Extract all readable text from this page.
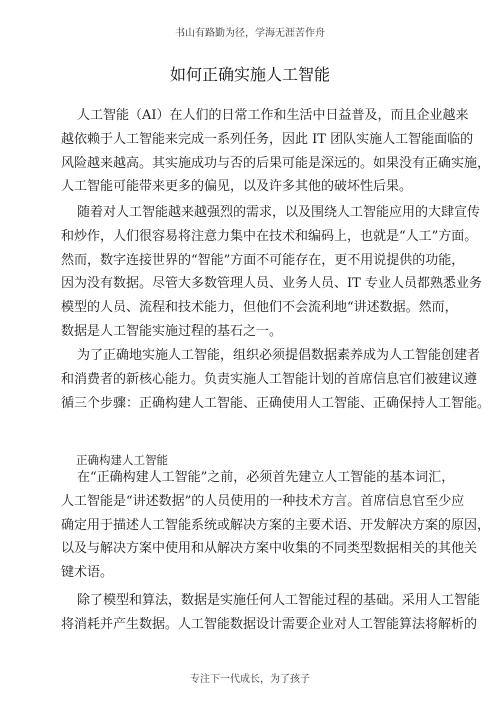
书山有路勤为径，学海无涯苦作舟
如何正确实施人工智能
人工智能（AI）在人们的日常工作和生活中日益普及，而且企业越来
越依赖于人工智能来完成一系列任务，因此 IT 团队实施人工智能面临的
风险越来越高。其实施成功与否的后果可能是深远的。如果没有正确实施，
人工智能可能带来更多的偏见，以及许多其他的破坏性后果。
随着对人工智能越来越强烈的需求，以及围绕人工智能应用的大肆宣传
和炒作，人们很容易将注意力集中在技术和编码上，也就是“人工”方面。
然而，数字连接世界的“智能”方面不可能存在，更不用说提供的功能，
因为没有数据。尽管大多数管理人员、业务人员、IT 专业人员都熟悉业务
模型的人员、流程和技术能力，但他们不会流利地“讲述数据。然而，
数据是人工智能实施过程的基石之一。
为了正确地实施人工智能，组织必须提倡数据素养成为人工智能创建者
和消费者的新核心能力。负责实施人工智能计划的首席信息官们被建议遵
循三个步骤：正确构建人工智能、正确使用人工智能、正确保持人工智能。
正确构建人工智能
在“正确构建人工智能”之前，必须首先建立人工智能的基本词汇，
人工智能是“讲述数据”的人员使用的一种技术方言。首席信息官至少应
确定用于描述人工智能系统或解决方案的主要术语、开发解决方案的原因，
以及与解决方案中使用和从解决方案中收集的不同类型数据相关的其他关
键术语。
除了模型和算法，数据是实施任何人工智能过程的基础。采用人工智能
将消耗并产生数据。人工智能数据设计需要企业对人工智能算法将解析的
专注下一代成长，为了孩子
